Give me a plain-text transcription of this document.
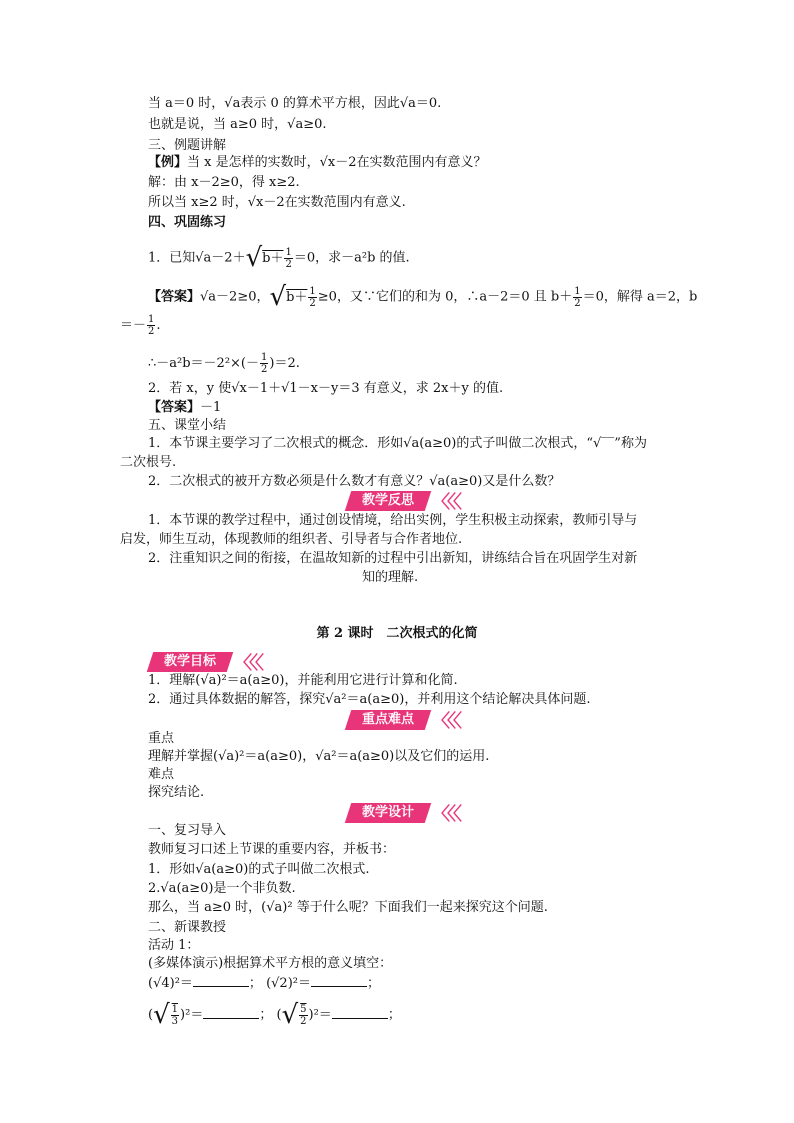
当 a＝0 时，√a表示 0 的算术平方根，因此√a＝0.
也就是说，当 a≥0 时，√a≥0.
三、例题讲解
【例】当 x 是怎样的实数时，√x－2在实数范围内有意义？
解：由 x－2≥0，得 x≥2.
所以当 x≥2 时，√x－2在实数范围内有意义.
四、巩固练习
1．已知$√a-2+√b+ \frac{1}{2} =0$，求－a²b 的值.
【答案】√a－2≥0，$√b+ \frac{1}{2} \ge 0$，又∵它们的和为 0，∴a－2＝0 且 $b+ \frac{1}{2} =0$，解得 a＝2，b
＝－ $\frac{1}{2}$ .
∴－a²b＝－2²×(－ $\frac{1}{2} )=2$.
2．若 x，y 使√x－1＋√1－x－y＝3 有意义，求 2x＋y 的值.
【答案】－1
五、课堂小结
1．本节课主要学习了二次根式的概念．形如√a(a≥0)的式子叫做二次根式，“√‾‾”称为
二次根号.
2．二次根式的被开方数必须是什么数才有意义？√a(a≥0)又是什么数？
教学反思	〈〈〈
1．本节课的教学过程中，通过创设情境，给出实例，学生积极主动探索，教师引导与
启发，师生互动，体现教师的组织者、引导者与合作者地位.
2．注重知识之间的衔接，在温故知新的过程中引出新知，讲练结合旨在巩固学生对新
知的理解.
第 2 课时　二次根式的化简
教学目标	〈〈〈
1．理解(√a)²＝a(a≥0)，并能利用它进行计算和化简.
2．通过具体数据的解答，探究√a²＝a(a≥0)，并利用这个结论解决具体问题.
重点难点	〈〈〈
重点
理解并掌握(√a)²＝a(a≥0)，√a²＝a(a≥0)以及它们的运用.
难点
探究结论.
教学设计	〈〈〈
一、复习导入
教师复习口述上节课的重要内容，并板书：
1．形如√a(a≥0)的式子叫做二次根式.
2.√a(a≥0)是一个非负数.
那么，当 a≥0 时，(√a)² 等于什么呢？下面我们一起来探究这个问题.
二、新课教授
活动 1：
(多媒体演示)根据算术平方根的意义填空：
(√4)²＝	； (√2)²＝	；
(√ $\frac{1}{3} )^2=$	； (√ $\frac{5}{2} )^2=$	；
